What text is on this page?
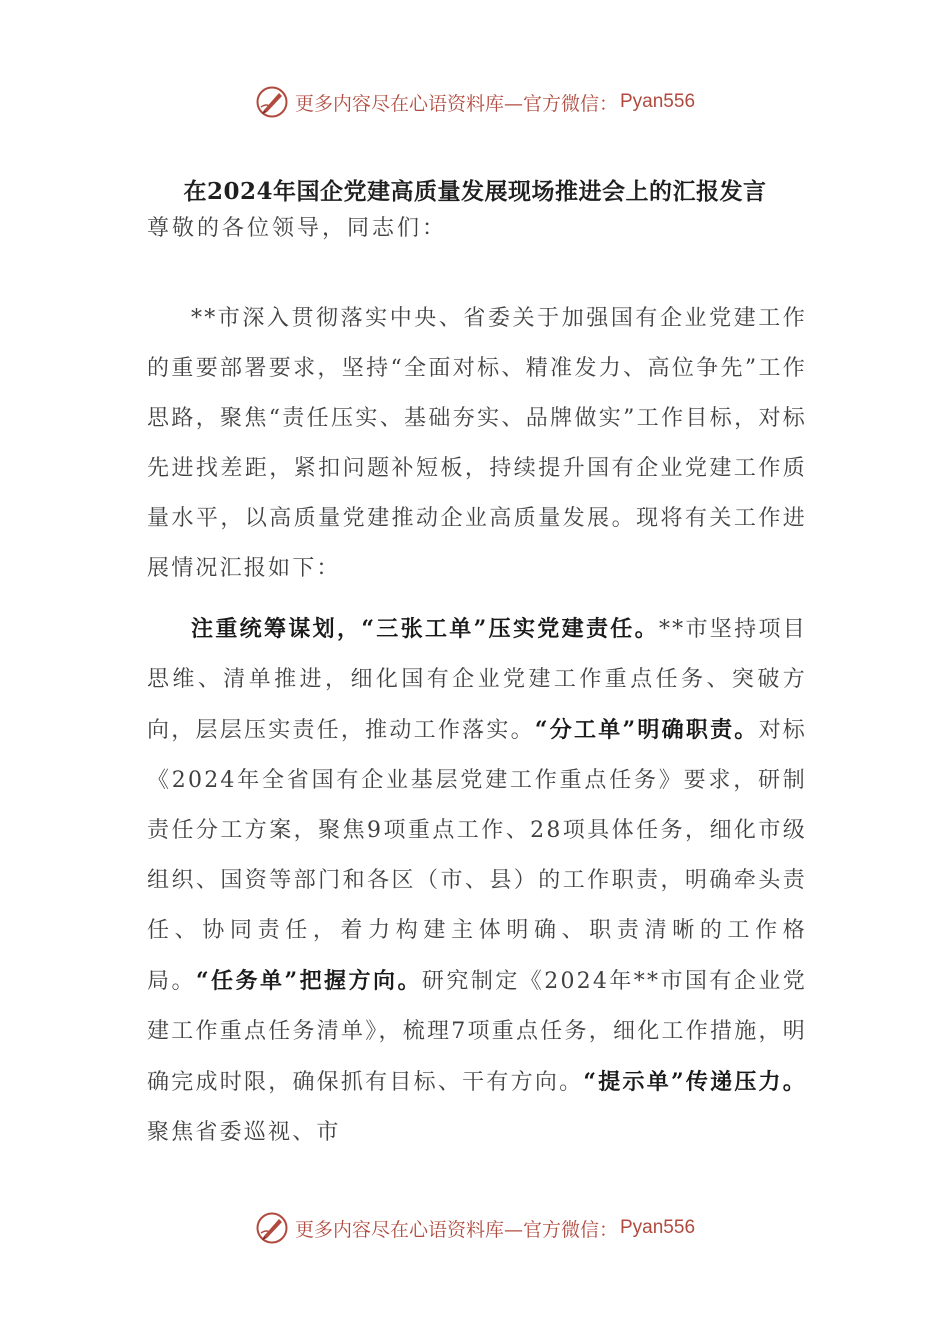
更多内容尽在心语资料库—官方微信： Pyan556
在2024年国企党建高质量发展现场推进会上的汇报发言
尊敬的各位领导，同志们：

**市深入贯彻落实中央、省委关于加强国有企业党建工作的重要部署要求，坚持“全面对标、精准发力、高位争先”工作思路，聚焦“责任压实、基础夯实、品牌做实”工作目标，对标先进找差距，紧扣问题补短板，持续提升国有企业党建工作质量水平，以高质量党建推动企业高质量发展。现将有关工作进展情况汇报如下：

注重统筹谋划，“三张工单”压实党建责任。**市坚持项目思维、清单推进，细化国有企业党建工作重点任务、突破方向，层层压实责任，推动工作落实。“分工单”明确职责。对标《2024年全省国有企业基层党建工作重点任务》要求，研制责任分工方案，聚焦9项重点工作、28项具体任务，细化市级组织、国资等部门和各区（市、县）的工作职责，明确牵头责任、协同责任，着力构建主体明确、职责清晰的工作格局。“任务单”把握方向。研究制定《2024年**市国有企业党建工作重点任务清单》，梳理7项重点任务，细化工作措施，明确完成时限，确保抓有目标、干有方向。“提示单”传递压力。聚焦省委巡视、市

更多内容尽在心语资料库—官方微信： Pyan556
